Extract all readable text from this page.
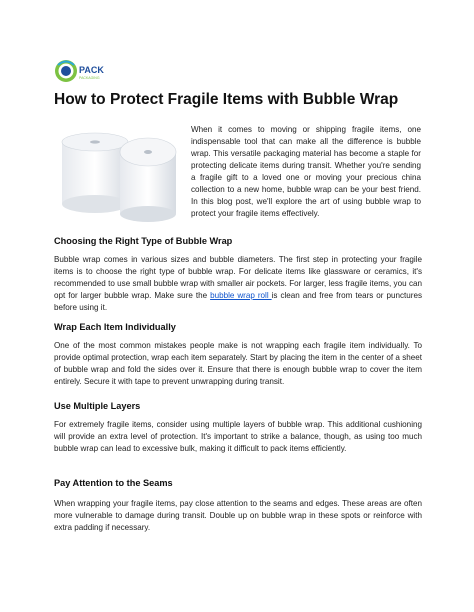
PACK
PACKAGING
How to Protect Fragile Items with Bubble Wrap

When it comes to moving or shipping fragile items, one indispensable tool that can make all the difference is bubble wrap. This versatile packaging material has become a staple for protecting delicate items during transit. Whether you're sending a fragile gift to a loved one or moving your precious china collection to a new home, bubble wrap can be your best friend. In this blog post, we'll explore the art of using bubble wrap to protect your fragile items effectively.

Choosing the Right Type of Bubble Wrap

Bubble wrap comes in various sizes and bubble diameters. The first step in protecting your fragile items is to choose the right type of bubble wrap. For delicate items like glassware or ceramics, it's recommended to use small bubble wrap with smaller air pockets. For larger, less fragile items, you can opt for larger bubble wrap. Make sure the bubble wrap roll is clean and free from tears or punctures before using it.

Wrap Each Item Individually

One of the most common mistakes people make is not wrapping each fragile item individually. To provide optimal protection, wrap each item separately. Start by placing the item in the center of a sheet of bubble wrap and fold the sides over it. Ensure that there is enough bubble wrap to cover the item entirely. Secure it with tape to prevent unwrapping during transit.

Use Multiple Layers

For extremely fragile items, consider using multiple layers of bubble wrap. This additional cushioning will provide an extra level of protection. It's important to strike a balance, though, as using too much bubble wrap can lead to excessive bulk, making it difficult to pack items efficiently.

Pay Attention to the Seams

When wrapping your fragile items, pay close attention to the seams and edges. These areas are often more vulnerable to damage during transit. Double up on bubble wrap in these spots or reinforce with extra padding if necessary.
